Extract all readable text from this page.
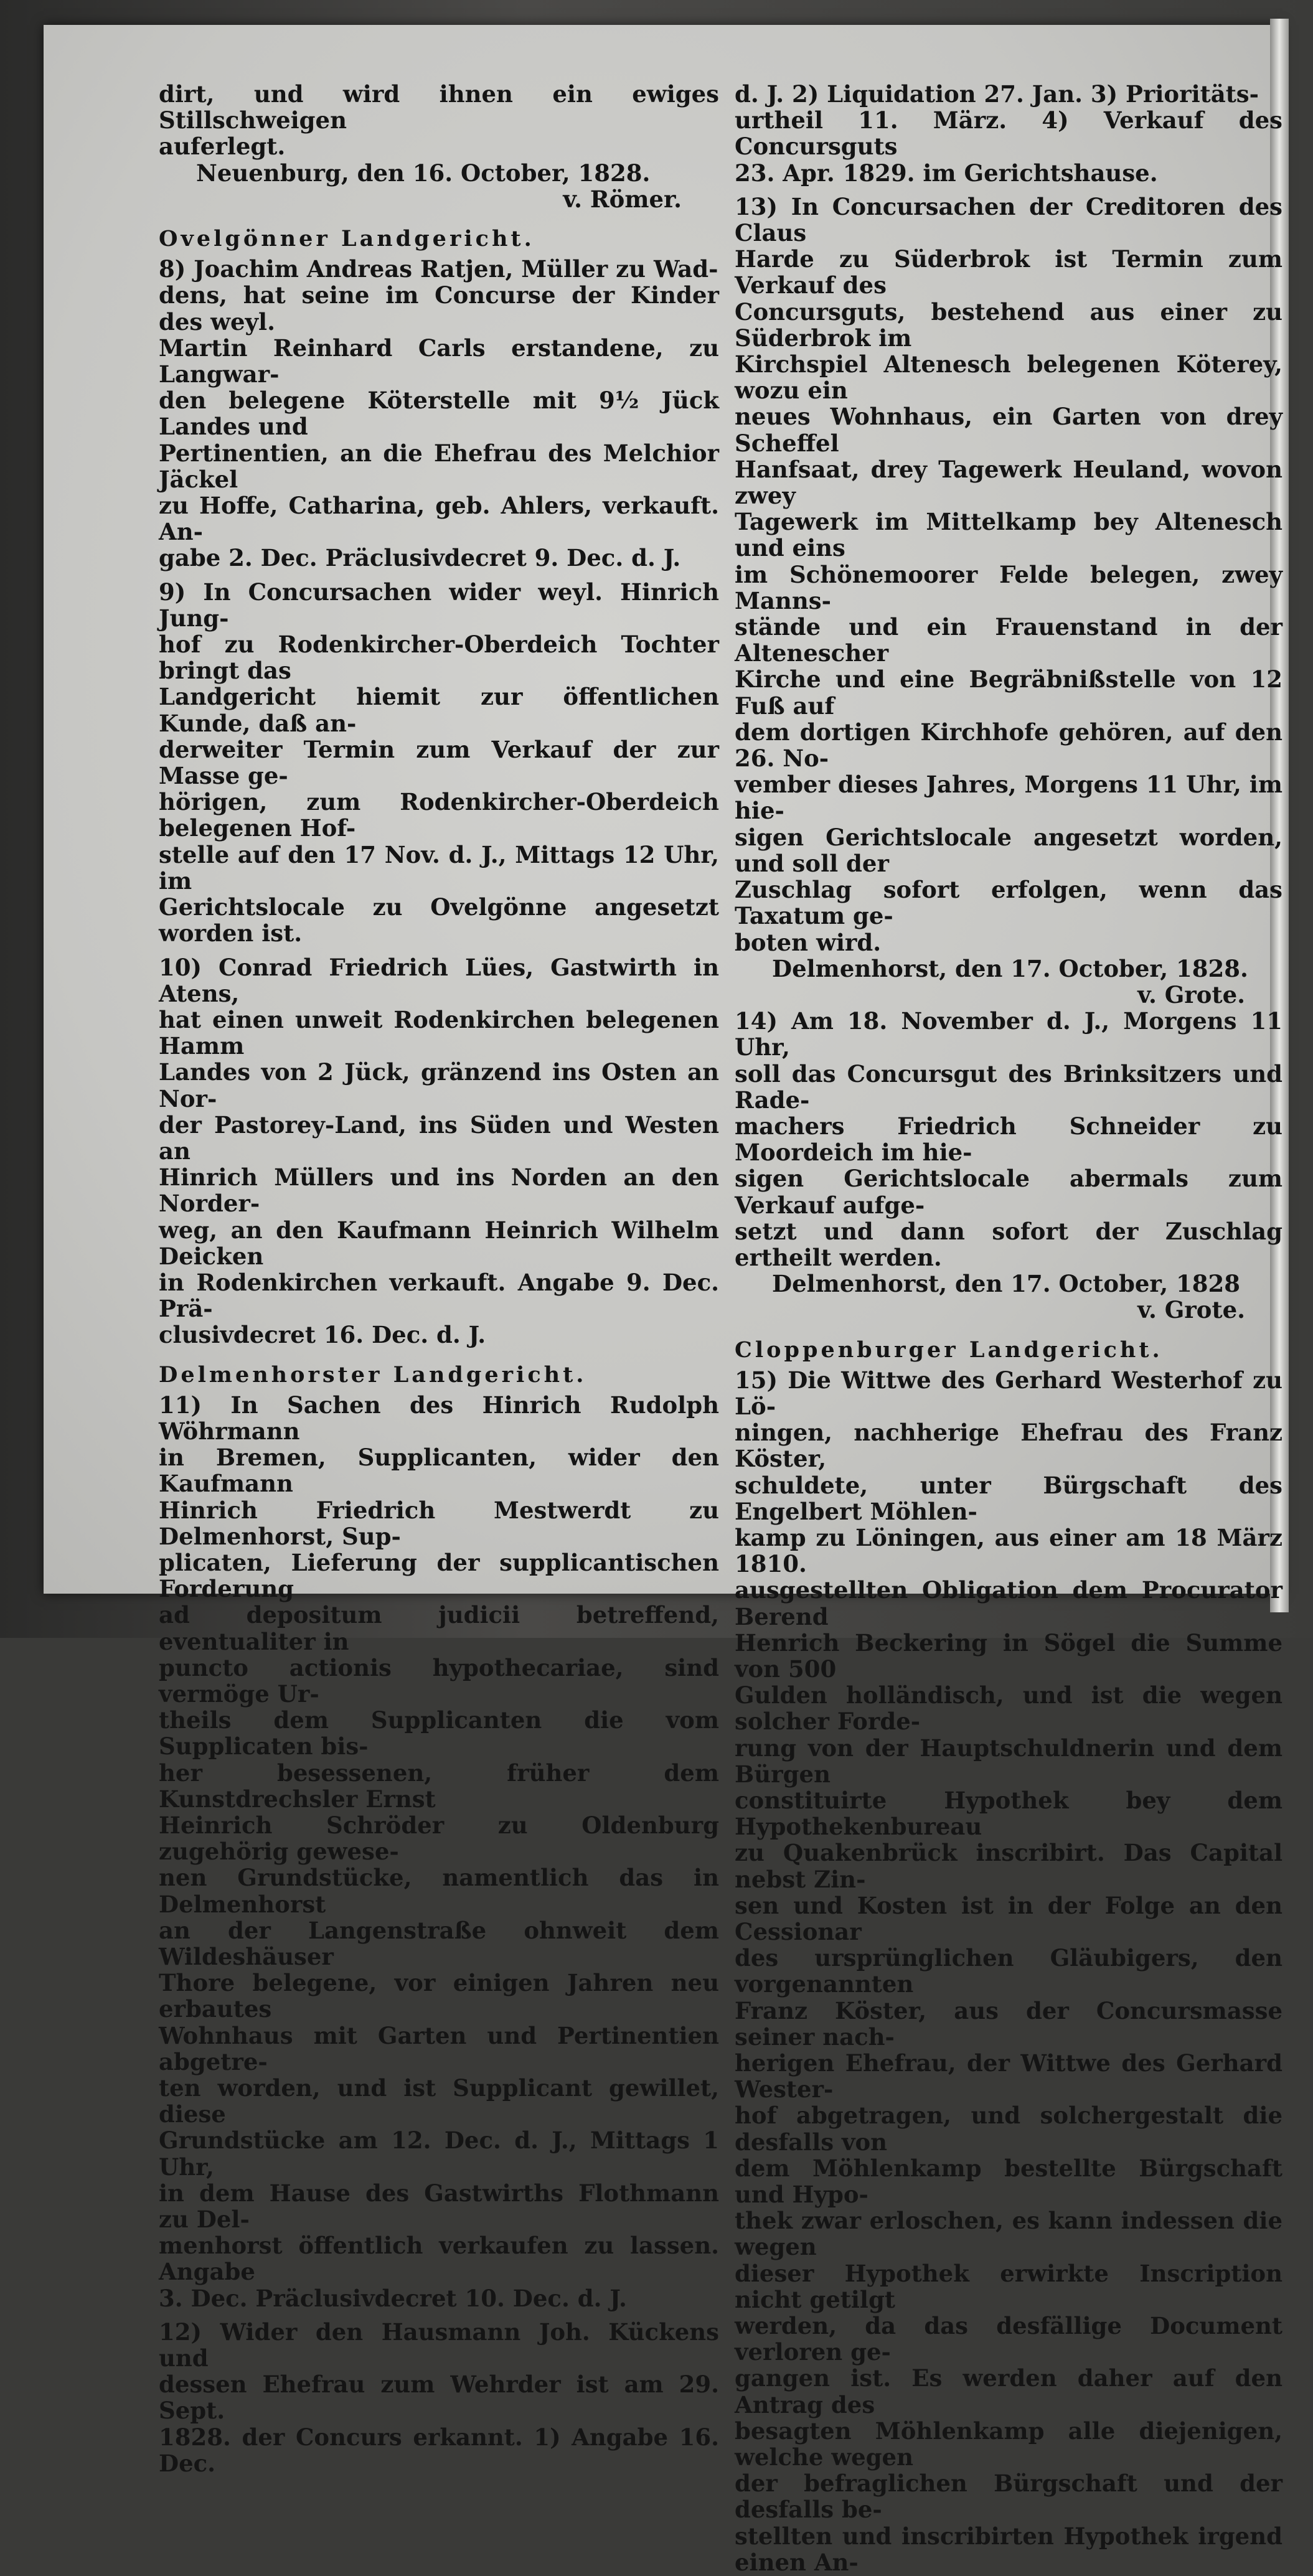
dirt, und wird ihnen ein ewiges Stillschweigen
auferlegt.

Neuenburg, den 16. October, 1828.

v. Römer.

Ovelgönner Landgericht.

8) Joachim Andreas Ratjen, Müller zu Wad-
dens, hat seine im Concurse der Kinder des weyl.
Martin Reinhard Carls erstandene, zu Langwar-
den belegene Köterstelle mit 9½ Jück Landes und
Pertinentien, an die Ehefrau des Melchior Jäckel
zu Hoffe, Catharina, geb. Ahlers, verkauft. An-
gabe 2. Dec. Präclusivdecret 9. Dec. d. J.

9) In Concursachen wider weyl. Hinrich Jung-
hof zu Rodenkircher-Oberdeich Tochter bringt das
Landgericht hiemit zur öffentlichen Kunde, daß an-
derweiter Termin zum Verkauf der zur Masse ge-
hörigen, zum Rodenkircher-Oberdeich belegenen Hof-
stelle auf den 17 Nov. d. J., Mittags 12 Uhr, im
Gerichtslocale zu Ovelgönne angesetzt worden ist.

10) Conrad Friedrich Lües, Gastwirth in Atens,
hat einen unweit Rodenkirchen belegenen Hamm
Landes von 2 Jück, gränzend ins Osten an Nor-
der Pastorey-Land, ins Süden und Westen an
Hinrich Müllers und ins Norden an den Norder-
weg, an den Kaufmann Heinrich Wilhelm Deicken
in Rodenkirchen verkauft. Angabe 9. Dec. Prä-
clusivdecret 16. Dec. d. J.

Delmenhorster Landgericht.

11) In Sachen des Hinrich Rudolph Wöhrmann
in Bremen, Supplicanten, wider den Kaufmann
Hinrich Friedrich Mestwerdt zu Delmenhorst, Sup-
plicaten, Lieferung der supplicantischen Forderung
ad depositum judicii betreffend, eventualiter in
puncto actionis hypothecariae, sind vermöge Ur-
theils dem Supplicanten die vom Supplicaten bis-
her besessenen, früher dem Kunstdrechsler Ernst
Heinrich Schröder zu Oldenburg zugehörig gewese-
nen Grundstücke, namentlich das in Delmenhorst
an der Langenstraße ohnweit dem Wildeshäuser
Thore belegene, vor einigen Jahren neu erbautes
Wohnhaus mit Garten und Pertinentien abgetre-
ten worden, und ist Supplicant gewillet, diese
Grundstücke am 12. Dec. d. J., Mittags 1 Uhr,
in dem Hause des Gastwirths Flothmann zu Del-
menhorst öffentlich verkaufen zu lassen. Angabe
3. Dec. Präclusivdecret 10. Dec. d. J.

12) Wider den Hausmann Joh. Kückens und
dessen Ehefrau zum Wehrder ist am 29. Sept.
1828. der Concurs erkannt. 1) Angabe 16. Dec.

d. J. 2) Liquidation 27. Jan. 3) Prioritäts-
urtheil 11. März. 4) Verkauf des Concursguts
23. Apr. 1829. im Gerichtshause.

13) In Concursachen der Creditoren des Claus
Harde zu Süderbrok ist Termin zum Verkauf des
Concursguts, bestehend aus einer zu Süderbrok im
Kirchspiel Altenesch belegenen Köterey, wozu ein
neues Wohnhaus, ein Garten von drey Scheffel
Hanfsaat, drey Tagewerk Heuland, wovon zwey
Tagewerk im Mittelkamp bey Altenesch und eins
im Schönemoorer Felde belegen, zwey Manns-
stände und ein Frauenstand in der Altenescher
Kirche und eine Begräbnißstelle von 12 Fuß auf
dem dortigen Kirchhofe gehören, auf den 26. No-
vember dieses Jahres, Morgens 11 Uhr, im hie-
sigen Gerichtslocale angesetzt worden, und soll der
Zuschlag sofort erfolgen, wenn das Taxatum ge-
boten wird.

Delmenhorst, den 17. October, 1828.

v. Grote.

14) Am 18. November d. J., Morgens 11 Uhr,
soll das Concursgut des Brinksitzers und Rade-
machers Friedrich Schneider zu Moordeich im hie-
sigen Gerichtslocale abermals zum Verkauf aufge-
setzt und dann sofort der Zuschlag ertheilt werden.

Delmenhorst, den 17. October, 1828

v. Grote.

Cloppenburger Landgericht.

15) Die Wittwe des Gerhard Westerhof zu Lö-
ningen, nachherige Ehefrau des Franz Köster,
schuldete, unter Bürgschaft des Engelbert Möhlen-
kamp zu Löningen, aus einer am 18 März 1810.
ausgestellten Obligation dem Procurator Berend
Henrich Beckering in Sögel die Summe von 500
Gulden holländisch, und ist die wegen solcher Forde-
rung von der Hauptschuldnerin und dem Bürgen
constituirte Hypothek bey dem Hypothekenbureau
zu Quakenbrück inscribirt. Das Capital nebst Zin-
sen und Kosten ist in der Folge an den Cessionar
des ursprünglichen Gläubigers, den vorgenannten
Franz Köster, aus der Concursmasse seiner nach-
herigen Ehefrau, der Wittwe des Gerhard Wester-
hof abgetragen, und solchergestalt die desfalls von
dem Möhlenkamp bestellte Bürgschaft und Hypo-
thek zwar erloschen, es kann indessen die wegen
dieser Hypothek erwirkte Inscription nicht getilgt
werden, da das desfällige Document verloren ge-
gangen ist. Es werden daher auf den Antrag des
besagten Möhlenkamp alle diejenigen, welche wegen
der befraglichen Bürgschaft und der desfalls be-
stellten und inscribirten Hypothek irgend einen An-
